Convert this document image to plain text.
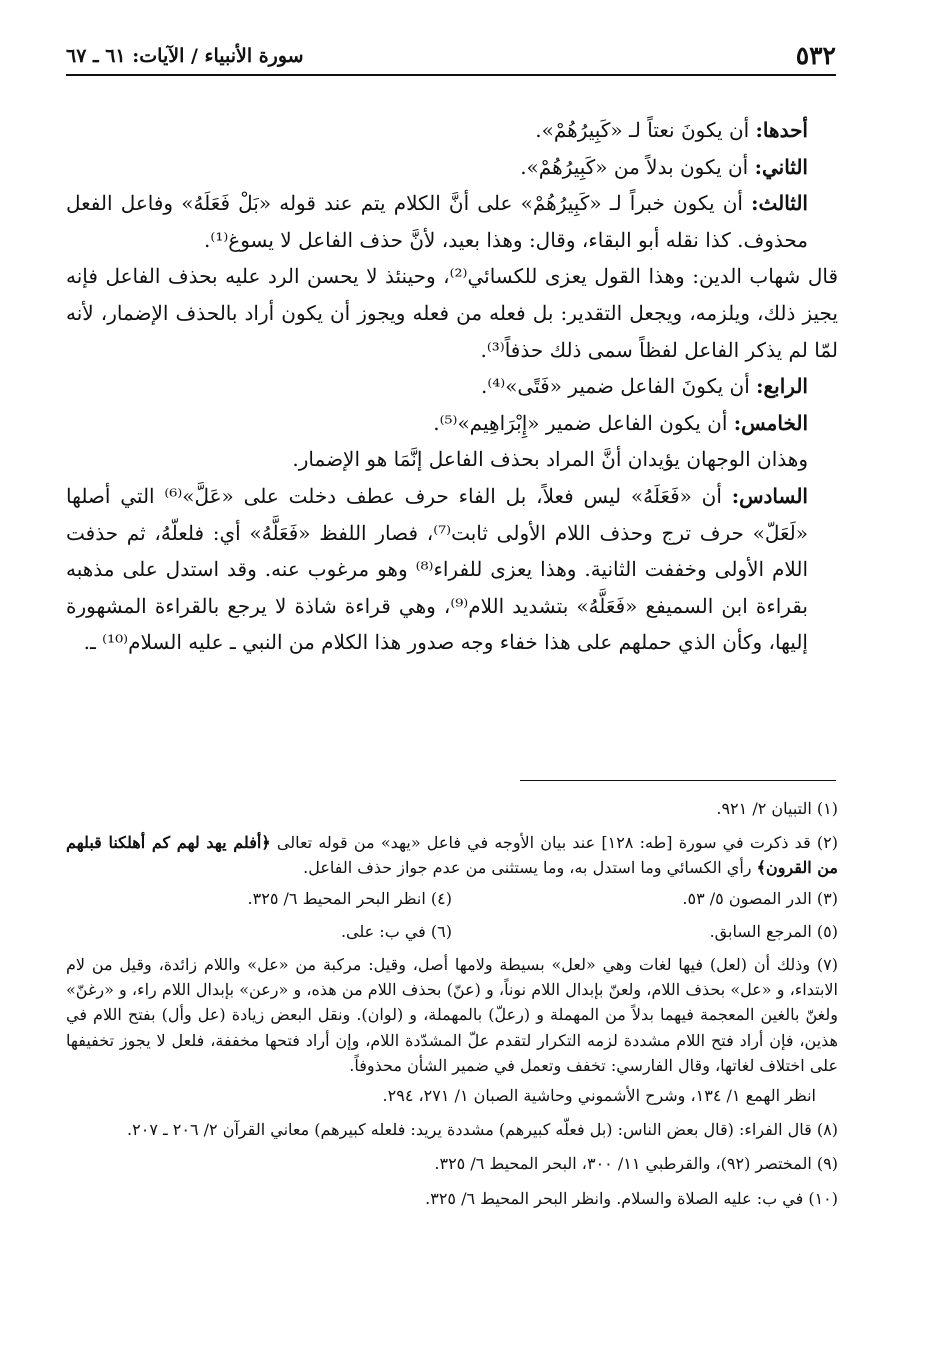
٥٣٢
سورة الأنبياء / الآيات: ٦١ ـ ٦٧

أحدها: أن يكونَ نعتاً لـ «كَبِيرُهُمْ».

الثاني: أن يكون بدلاً من «كَبِيرُهُمْ».

الثالث: أن يكون خبراً لـ «كَبِيرُهُمْ» على أنَّ الكلام يتم عند قوله «بَلْ فَعَلَهُ» وفاعل الفعل محذوف. كذا نقله أبو البقاء، وقال: وهذا بعيد، لأنَّ حذف الفاعل لا يسوغ⁽¹⁾.

قال شهاب الدين: وهذا القول يعزى للكسائي⁽²⁾، وحينئذ لا يحسن الرد عليه بحذف الفاعل فإنه يجيز ذلك، ويلزمه، ويجعل التقدير: بل فعله من فعله ويجوز أن يكون أراد بالحذف الإضمار، لأنه لمّا لم يذكر الفاعل لفظاً سمى ذلك حذفاً⁽³⁾.

الرابع: أن يكونَ الفاعل ضمير «فَتًى»⁽⁴⁾.

الخامس: أن يكون الفاعل ضمير «إِبْرَاهِيم»⁽⁵⁾.

وهذان الوجهان يؤيدان أنَّ المراد بحذف الفاعل إنَّمَا هو الإضمار.

السادس: أن «فَعَلَهُ» ليس فعلاً، بل الفاء حرف عطف دخلت على «عَلَّ»⁽⁶⁾ التي أصلها «لَعَلّ» حرف ترج وحذف اللام الأولى ثابت⁽⁷⁾، فصار اللفظ «فَعَلَّهُ» أي: فلعلّهُ، ثم حذفت اللام الأولى وخففت الثانية. وهذا يعزى للفراء⁽⁸⁾ وهو مرغوب عنه. وقد استدل على مذهبه بقراءة ابن السميفع «فَعَلَّهُ» بتشديد اللام⁽⁹⁾، وهي قراءة شاذة لا يرجع بالقراءة المشهورة إليها، وكأن الذي حملهم على هذا خفاء وجه صدور هذا الكلام من النبي ـ عليه السلام⁽¹⁰⁾ ـ.

(١) التبيان ٢/ ٩٢١.

(٢) قد ذكرت في سورة [طه: ١٢٨] عند بيان الأوجه في فاعل «يهد» من قوله تعالى ﴿أفلم يهد لهم كم أهلكنا قبلهم من القرون﴾ رأي الكسائي وما استدل به، وما يستثنى من عدم جواز حذف الفاعل.

(٣) الدر المصون ٥/ ٥٣.
(٤) انظر البحر المحيط ٦/ ٣٢٥.
(٥) المرجع السابق.
(٦) في ب: على.

(٧) وذلك أن (لعل) فيها لغات وهي «لعل» بسيطة ولامها أصل، وقيل: مركبة من «عل» واللام زائدة، وقيل من لام الابتداء، و «عل» بحذف اللام، ولعنّ بإبدال اللام نوناً، و (عنّ) بحذف اللام من هذه، و «رعن» بإبدال اللام راء، و «رغنّ» ولغنّ بالغين المعجمة فيهما بدلاً من المهملة و (رعلّ) بالمهملة، و (لوان). ونقل البعض زيادة (عل وأل) بفتح اللام في هذين، فإن أراد فتح اللام مشددة لزمه التكرار لتقدم علّ المشدّدة اللام، وإن أراد فتحها مخففة، فلعل لا يجوز تخفيفها على اختلاف لغاتها، وقال الفارسي: تخفف وتعمل في ضمير الشأن محذوفاً.

انظر الهمع ١/ ١٣٤، وشرح الأشموني وحاشية الصبان ١/ ٢٧١، ٢٩٤.

(٨) قال الفراء: (قال بعض الناس: (بل فعلّه كبيرهم) مشددة يريد: فلعله كبيرهم) معاني القرآن ٢/ ٢٠٦ ـ ٢٠٧.

(٩) المختصر (٩٢)، والقرطبي ١١/ ٣٠٠، البحر المحيط ٦/ ٣٢٥.

(١٠) في ب: عليه الصلاة والسلام. وانظر البحر المحيط ٦/ ٣٢٥.
